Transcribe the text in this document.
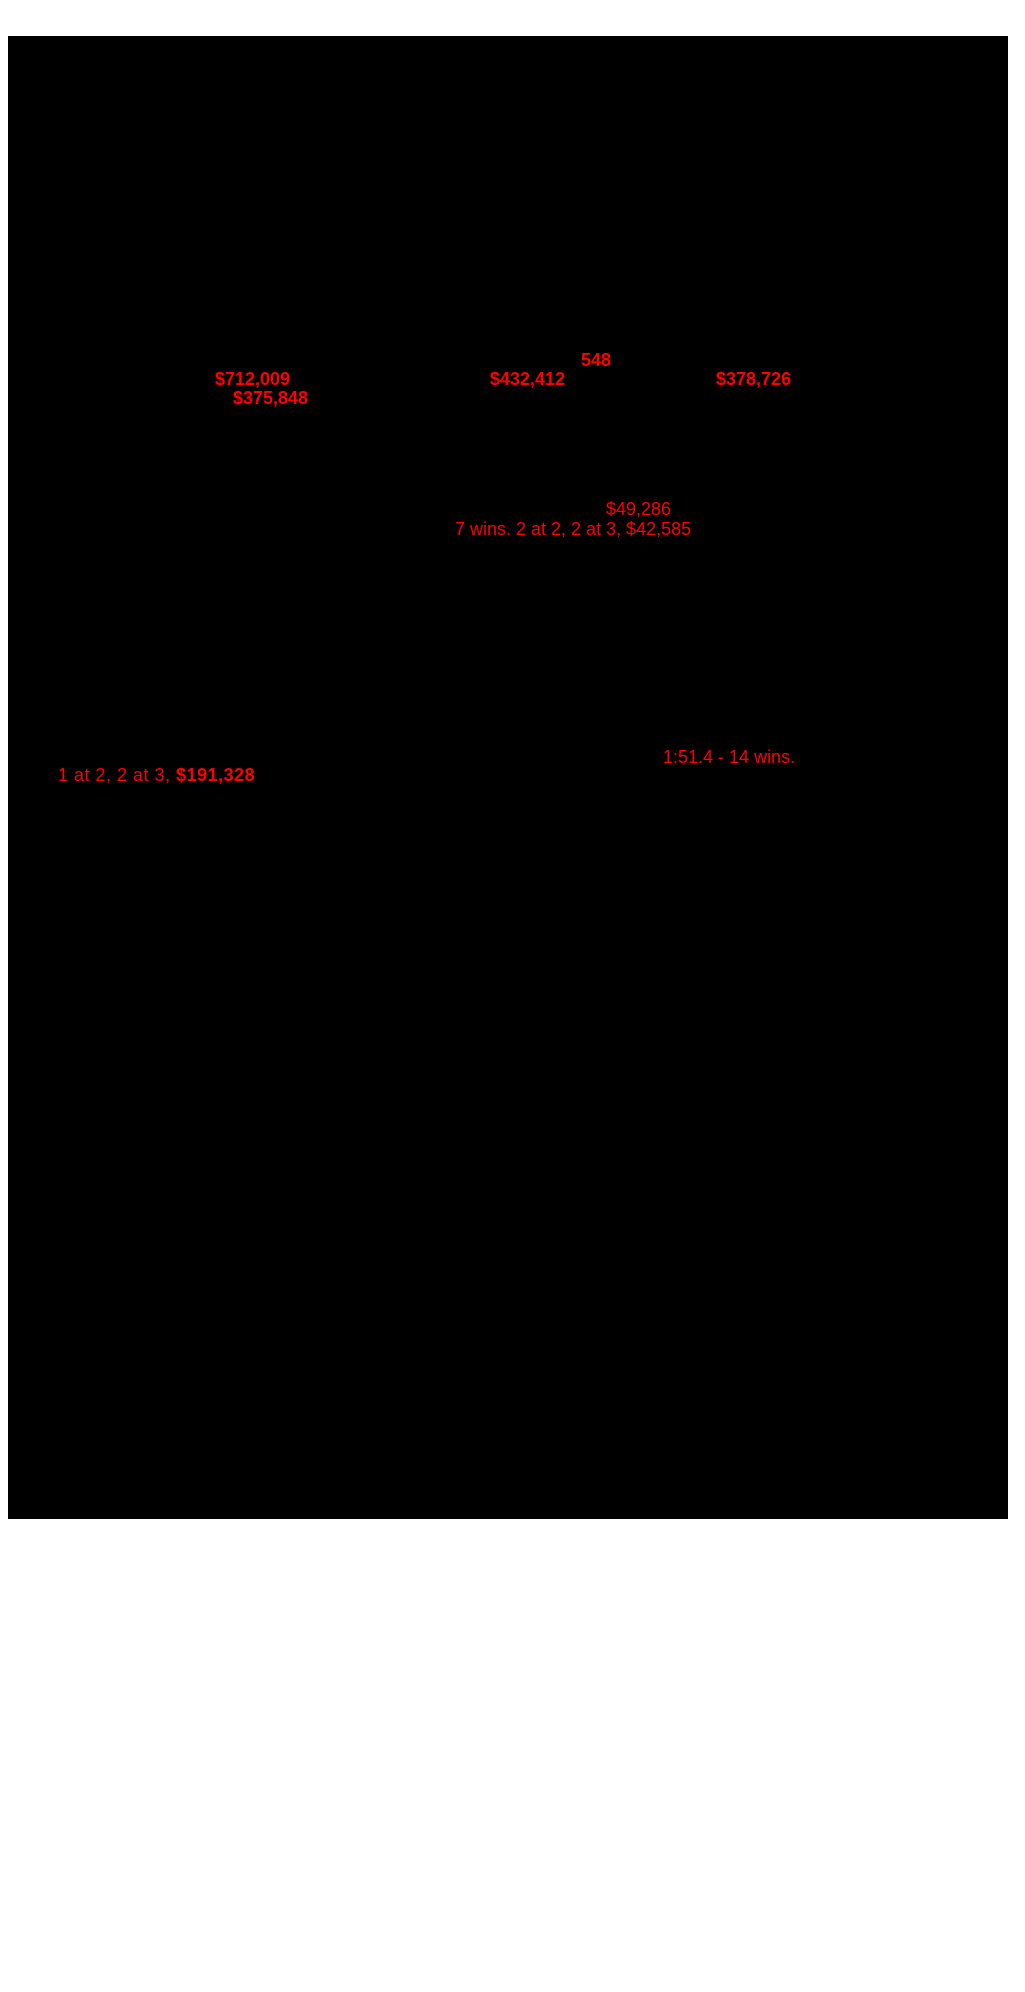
$712,009
$375,848
548
$432,412	$378,726
$49,286
7 wins. 2 at 2, 2 at 3, $42,585
1:51.4 - 14 wins.
1 at 2, 2 at 3, $191,328
